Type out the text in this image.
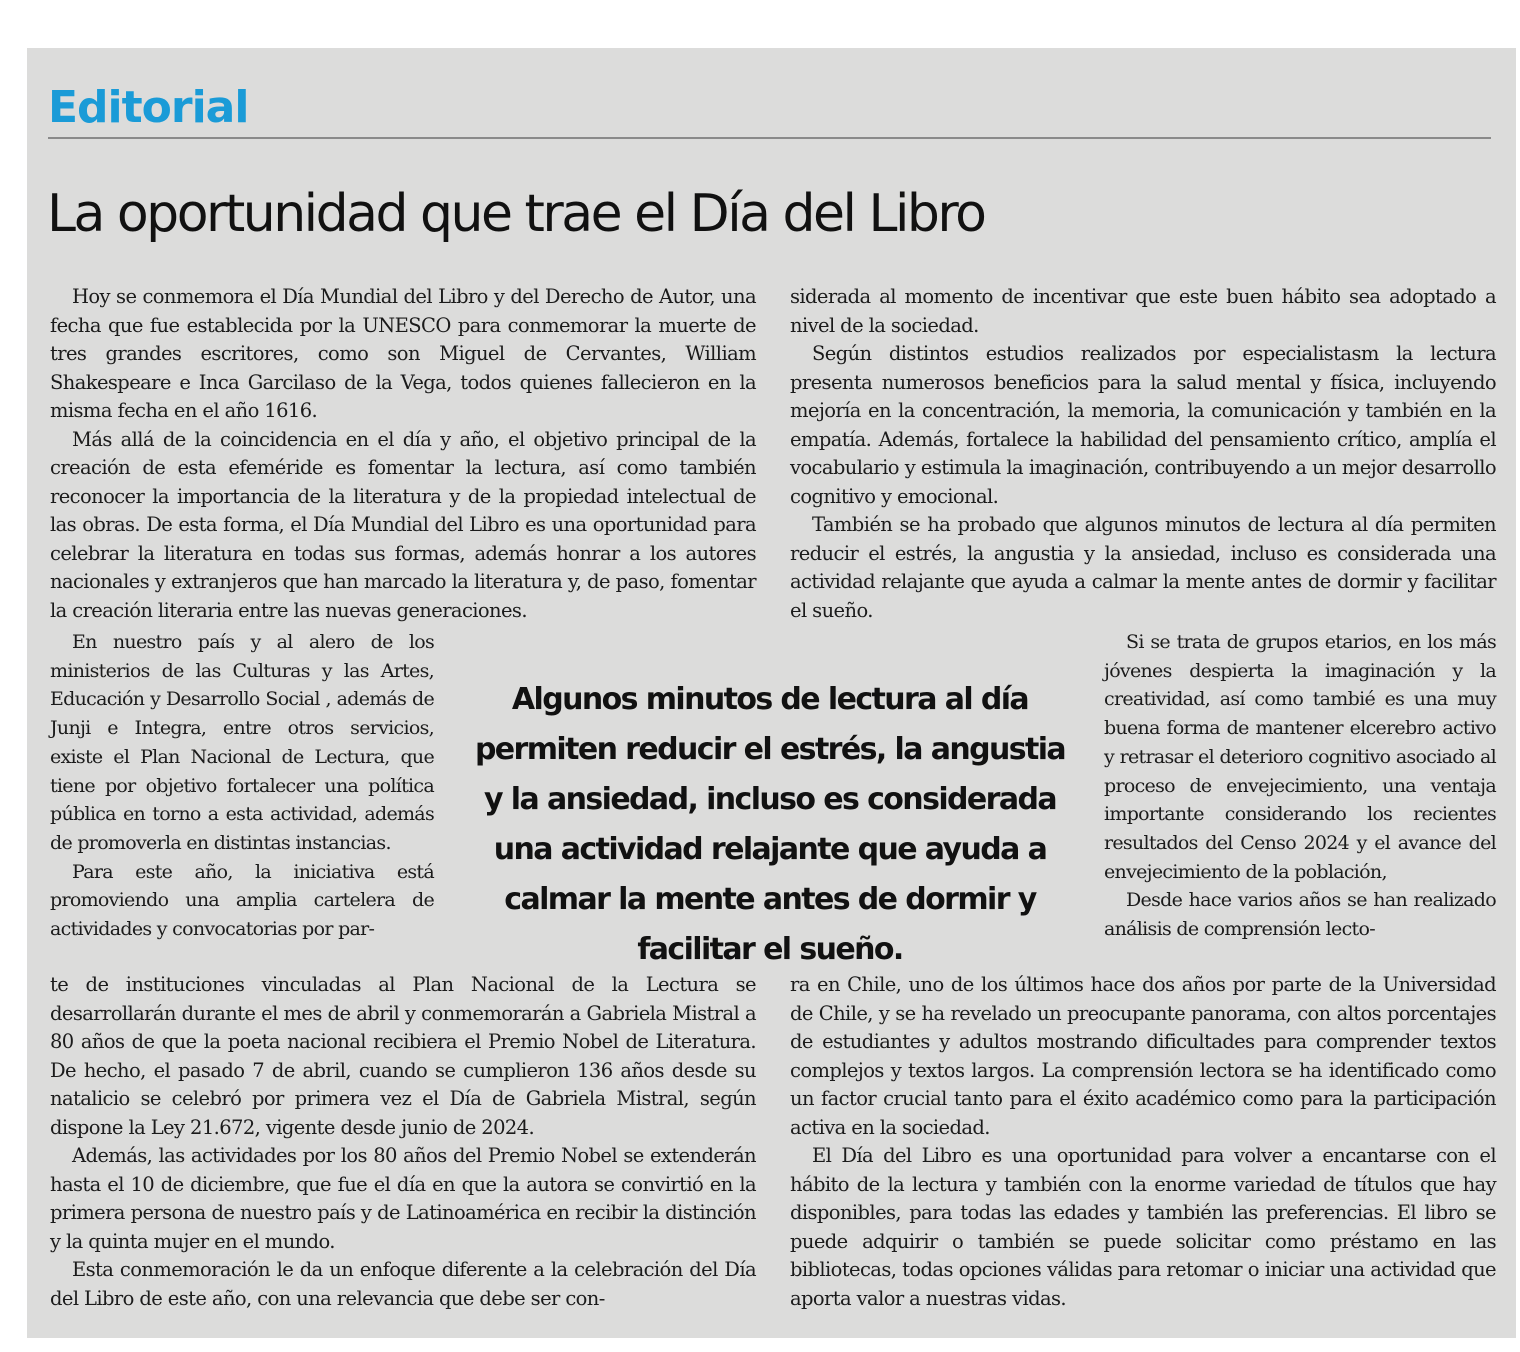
Editorial
La oportunidad que trae el Día del Libro

Hoy se conmemora el Día Mundial del Libro y del Derecho de Autor, una fecha que fue establecida por la UNESCO para conmemorar la muerte de tres grandes escritores, como son Miguel de Cervantes, William Shakespeare e Inca Garcilaso de la Vega, todos quienes fallecieron en la misma fecha en el año 1616.

Más allá de la coincidencia en el día y año, el objetivo principal de la creación de esta efeméride es fomentar la lectura, así como también reconocer la importancia de la literatura y de la propiedad intelectual de las obras. De esta forma, el Día Mundial del Libro es una oportunidad para celebrar la literatura en todas sus formas, además honrar a los autores nacionales y extranjeros que han marcado la literatura y, de paso, fomentar la creación literaria entre las nuevas generaciones.

En nuestro país y al alero de los ministerios de las Culturas y las Artes, Educación y Desarrollo Social , además de Junji e Integra, entre otros servicios, existe el Plan Nacional de Lectura, que tiene por objetivo fortalecer una política pública en torno a esta actividad, además de promoverla en distintas instancias.

Para este año, la iniciativa está promoviendo una amplia cartelera de actividades y convocatorias por par-

te de instituciones vinculadas al Plan Nacional de la Lectura se desarrollarán durante el mes de abril y conmemorarán a Gabriela Mistral a 80 años de que la poeta nacional recibiera el Premio Nobel de Literatura. De hecho, el pasado 7 de abril, cuando se cumplieron 136 años desde su natalicio se celebró por primera vez el Día de Gabriela Mistral, según dispone la Ley 21.672, vigente desde junio de 2024.

Además, las actividades por los 80 años del Premio Nobel se extenderán hasta el 10 de diciembre, que fue el día en que la autora se convirtió en la primera persona de nuestro país y de Latinoamérica en recibir la distinción y la quinta mujer en el mundo.

Esta conmemoración le da un enfoque diferente a la celebración del Día del Libro de este año, con una relevancia que debe ser con-

siderada al momento de incentivar que este buen hábito sea adoptado a nivel de la sociedad.

Según distintos estudios realizados por especialistasm la lectura presenta numerosos beneficios para la salud mental y física, incluyendo mejoría en la concentración, la memoria, la comunicación y también en la empatía. Además, fortalece la habilidad del pensamiento crítico, amplía el vocabulario y estimula la imaginación, contribuyendo a un mejor desarrollo cognitivo y emocional.

También se ha probado que algunos minutos de lectura al día permiten reducir el estrés, la angustia y la ansiedad, incluso es considerada una actividad relajante que ayuda a calmar la mente antes de dormir y facilitar el sueño.

Si se trata de grupos etarios, en los más jóvenes despierta la imaginación y la creatividad, así como tambié es una muy buena forma de mantener elcerebro activo y retrasar el deterioro cognitivo asociado al proceso de envejecimiento, una ventaja importante considerando los recientes resultados del Censo 2024 y el avance del envejecimiento de la población,

Desde hace varios años se han realizado análisis de comprensión lecto-

ra en Chile, uno de los últimos hace dos años por parte de la Universidad de Chile, y se ha revelado un preocupante panorama, con altos porcentajes de estudiantes y adultos mostrando dificultades para comprender textos complejos y textos largos. La comprensión lectora se ha identificado como un factor crucial tanto para el éxito académico como para la participación activa en la sociedad.

El Día del Libro es una oportunidad para volver a encantarse con el hábito de la lectura y también con la enorme variedad de títulos que hay disponibles, para todas las edades y también las preferencias. El libro se puede adquirir o también se puede solicitar como préstamo en las bibliotecas, todas opciones válidas para retomar o iniciar una actividad que aporta valor a nuestras vidas.

Algunos minutos de lectura al día permiten reducir el estrés, la angustia y la ansiedad, incluso es considerada una actividad relajante que ayuda a calmar la mente antes de dormir y facilitar el sueño.
